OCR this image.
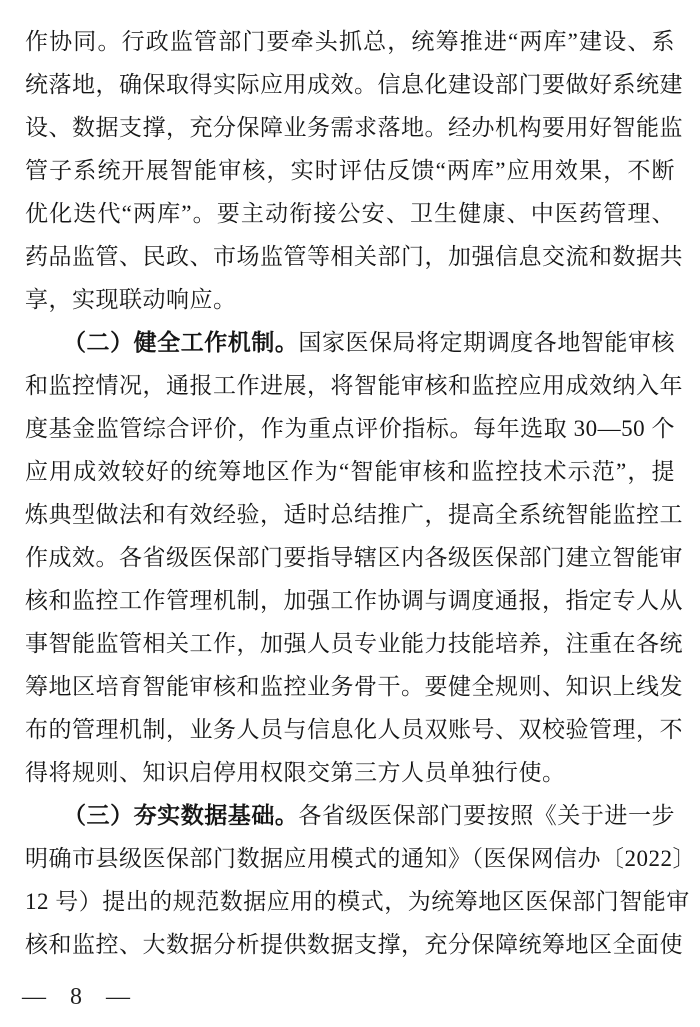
作协同。行政监管部门要牵头抓总，统筹推进“两库”建设、系
统落地，确保取得实际应用成效。信息化建设部门要做好系统建
设、数据支撑，充分保障业务需求落地。经办机构要用好智能监
管子系统开展智能审核，实时评估反馈“两库”应用效果，不断
优化迭代“两库”。要主动衔接公安、卫生健康、中医药管理、
药品监管、民政、市场监管等相关部门，加强信息交流和数据共
享，实现联动响应。
（二）健全工作机制。国家医保局将定期调度各地智能审核
和监控情况，通报工作进展，将智能审核和监控应用成效纳入年
度基金监管综合评价，作为重点评价指标。每年选取 30—50 个
应用成效较好的统筹地区作为“智能审核和监控技术示范”，提
炼典型做法和有效经验，适时总结推广，提高全系统智能监控工
作成效。各省级医保部门要指导辖区内各级医保部门建立智能审
核和监控工作管理机制，加强工作协调与调度通报，指定专人从
事智能监管相关工作，加强人员专业能力技能培养，注重在各统
筹地区培育智能审核和监控业务骨干。要健全规则、知识上线发
布的管理机制，业务人员与信息化人员双账号、双校验管理，不
得将规则、知识启停用权限交第三方人员单独行使。
（三）夯实数据基础。各省级医保部门要按照《关于进一步
明确市县级医保部门数据应用模式的通知》（医保网信办〔2022〕
12 号）提出的规范数据应用的模式，为统筹地区医保部门智能审
核和监控、大数据分析提供数据支撑，充分保障统筹地区全面使
— 8 —
